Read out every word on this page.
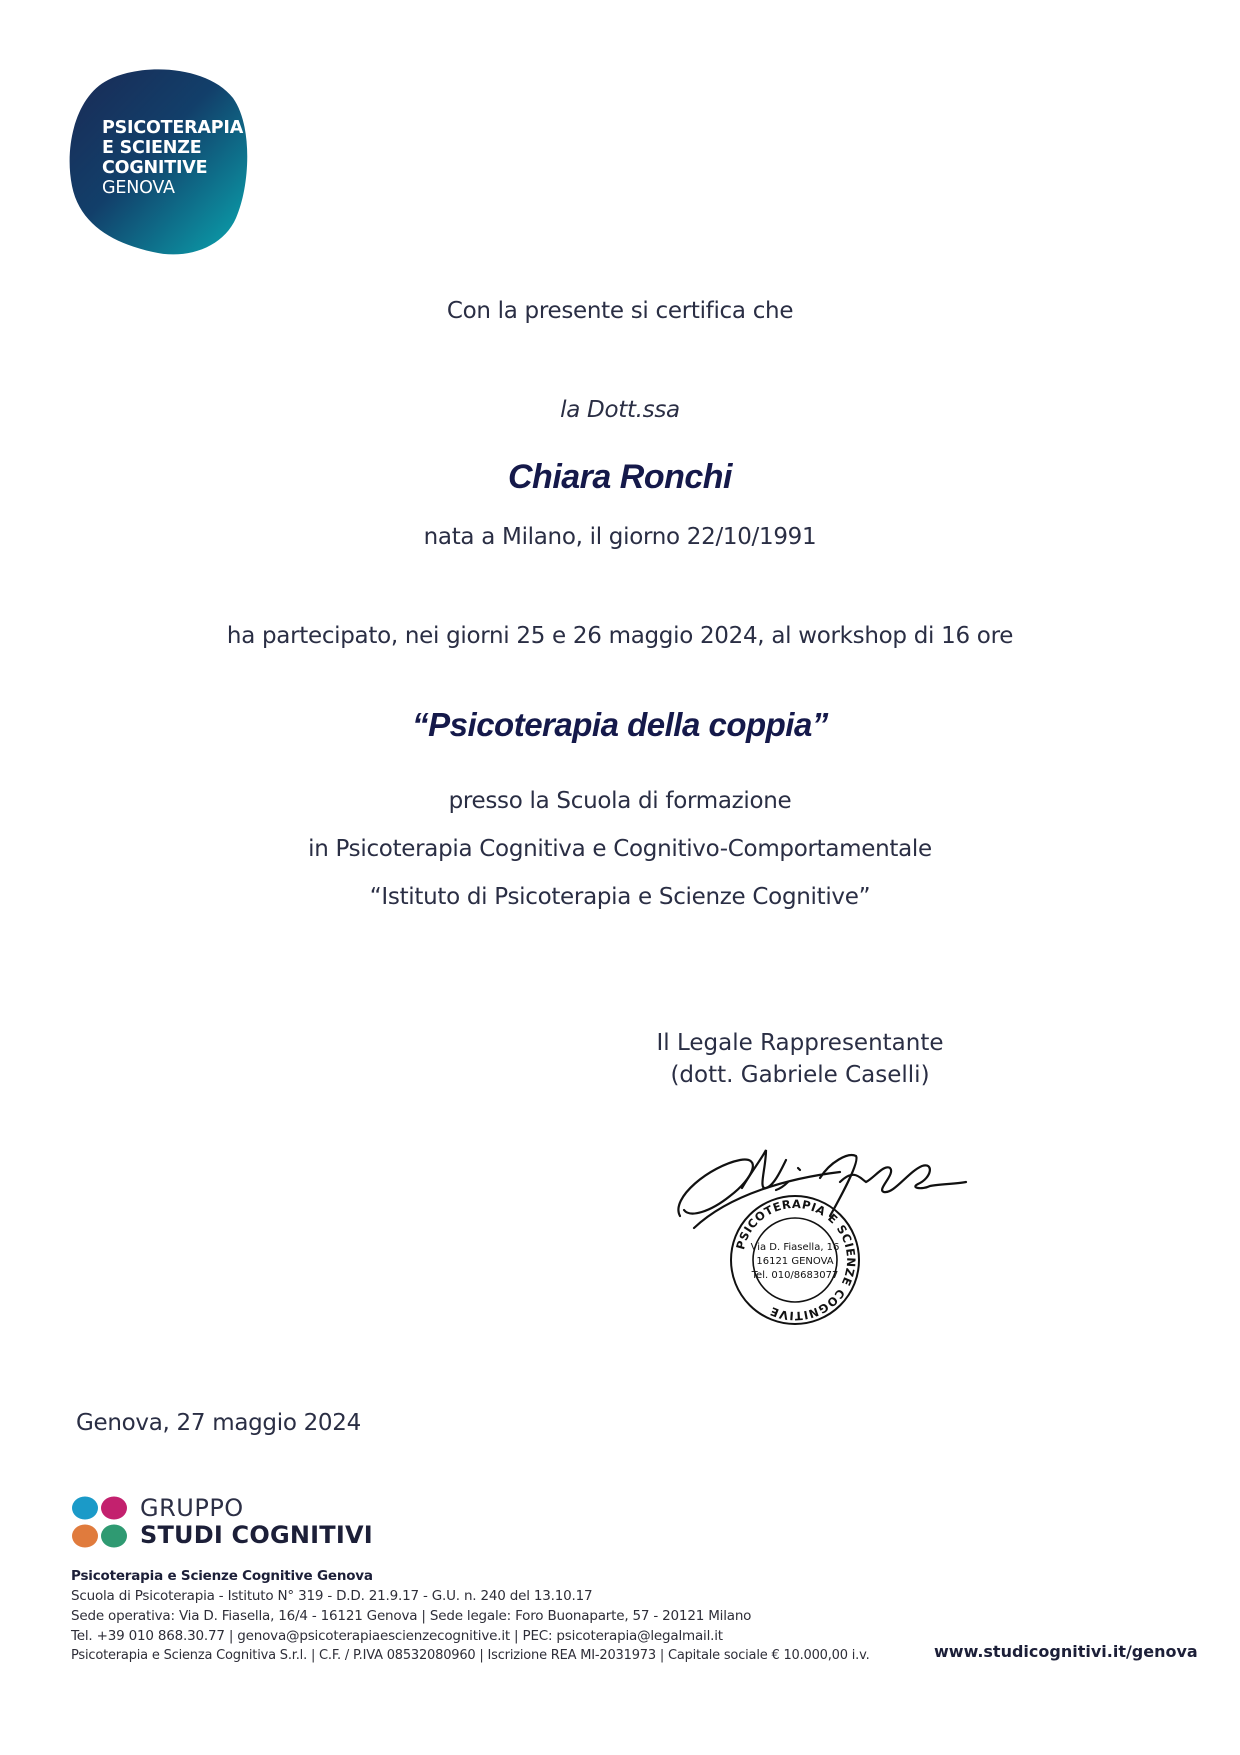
PSICOTERAPIA
E SCIENZE
COGNITIVE
GENOVA
Con la presente si certifica che
la Dott.ssa
Chiara Ronchi
nata a Milano, il giorno 22/10/1991
ha partecipato, nei giorni 25 e 26 maggio 2024, al workshop di 16 ore
“Psicoterapia della coppia”
presso la Scuola di formazione
in Psicoterapia Cognitiva e Cognitivo-Comportamentale
“Istituto di Psicoterapia e Scienze Cognitive”
Il Legale Rappresentante
(dott. Gabriele Caselli)
PSICOTERAPIA E SCIENZE COGNITIVE
Via D. Fiasella, 16
16121 GENOVA
Tel. 010/8683077
Genova, 27 maggio 2024
GRUPPO
STUDI COGNITIVI
Psicoterapia e Scienze Cognitive Genova
Scuola di Psicoterapia - Istituto N° 319 - D.D. 21.9.17 - G.U. n. 240 del 13.10.17
Sede operativa: Via D. Fiasella, 16/4 - 16121 Genova | Sede legale: Foro Buonaparte, 57 - 20121 Milano
Tel. +39 010 868.30.77 | genova@psicoterapiaescienzecognitive.it | PEC: psicoterapia@legalmail.it
Psicoterapia e Scienza Cognitiva S.r.l. | C.F. / P.IVA 08532080960 | Iscrizione REA MI-2031973 | Capitale sociale € 10.000,00 i.v.	www.studicognitivi.it/genova
